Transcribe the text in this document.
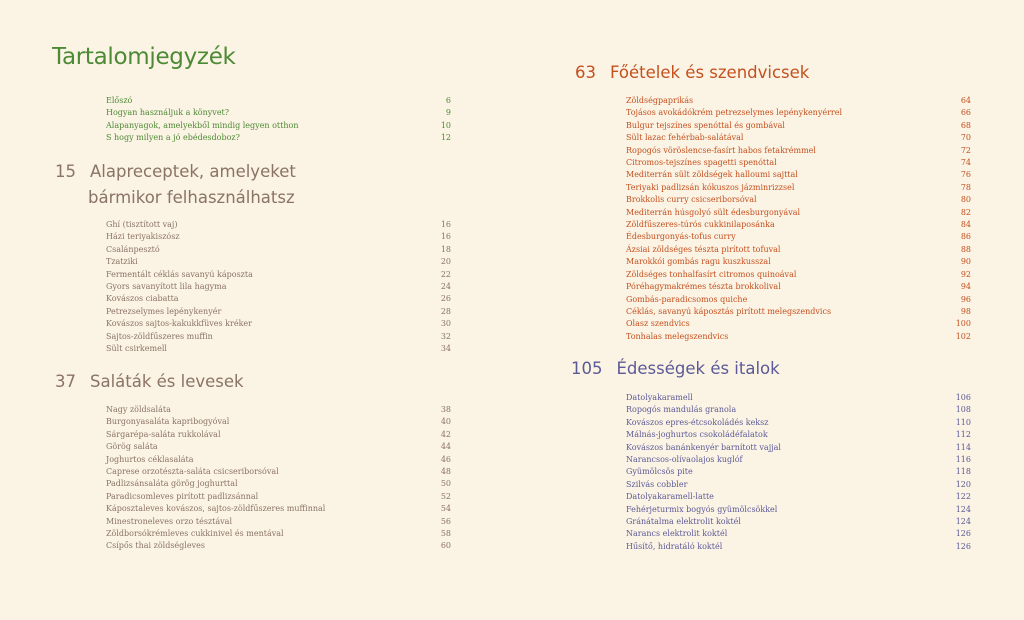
Tartalomjegyzék
Előszó	6
Hogyan használjuk a könyvet?	9
Alapanyagok, amelyekből mindig legyen otthon	10
S hogy milyen a jó ebédesdoboz?	12
15 Alapreceptek, amelyeket
bármikor felhasználhatsz
Ghí (tisztított vaj)	16
Házi teriyakiszósz	16
Csalánpesztó	18
Tzatziki	20
Fermentált céklás savanyú káposzta	22
Gyors savanyított lila hagyma	24
Kovászos ciabatta	26
Petrezselymes lepénykenyér	28
Kovászos sajtos-kakukkfüves kréker	30
Sajtos-zöldfűszeres muffin	32
Sült csirkemell	34
37 Saláták és levesek
Nagy zöldsaláta	38
Burgonyasaláta kapribogyóval	40
Sárgarépa-saláta rukkolával	42
Görög saláta	44
Joghurtos céklasaláta	46
Caprese orzotészta-saláta csicseriborsóval	48
Padlizsánsaláta görög joghurttal	50
Paradicsomleves pirított padlizsánnal	52
Káposztaleves kovászos, sajtos-zöldfűszeres muffinnal	54
Minestroneleves orzo tésztával	56
Zöldborsókrémleves cukkinivel és mentával	58
Csípős thai zöldségleves	60
63 Főételek és szendvicsek
Zöldségpaprikás	64
Tojásos avokádókrém petrezselymes lepénykenyérrel	66
Bulgur tejszínes spenóttal és gombával	68
Sült lazac fehérbab-salátával	70
Ropogós vöröslencse-fasírt habos fetakrémmel	72
Citromos-tejszínes spagetti spenóttal	74
Mediterrán sült zöldségek halloumi sajttal	76
Teriyaki padlizsán kókuszos jázminrizzsel	78
Brokkolis curry csicseriborsóval	80
Mediterrán húsgolyó sült édesburgonyával	82
Zöldfűszeres-túrós cukkinilaposánka	84
Édesburgonyás-tofus curry	86
Ázsiai zöldséges tészta pirított tofuval	88
Marokkói gombás ragu kuszkusszal	90
Zöldséges tonhalfasírt citromos quinoával	92
Póréhagymakrémes tészta brokkolival	94
Gombás-paradicsomos quiche	96
Céklás, savanyú káposztás pirított melegszendvics	98
Olasz szendvics	100
Tonhalas melegszendvics	102
105 Édességek és italok
Datolyakaramell	106
Ropogós mandulás granola	108
Kovászos epres-étcsokoládés keksz	110
Málnás-joghurtos csokoládéfalatok	112
Kovászos banánkenyér barnított vajjal	114
Narancsos-olívaolajos kuglóf	116
Gyümölcsös pite	118
Szilvás cobbler	120
Datolyakaramell-latte	122
Fehérjeturmix bogyós gyümölcsökkel	124
Gránátalma elektrolit koktél	124
Narancs elektrolit koktél	126
Hűsítő, hidratáló koktél	126
